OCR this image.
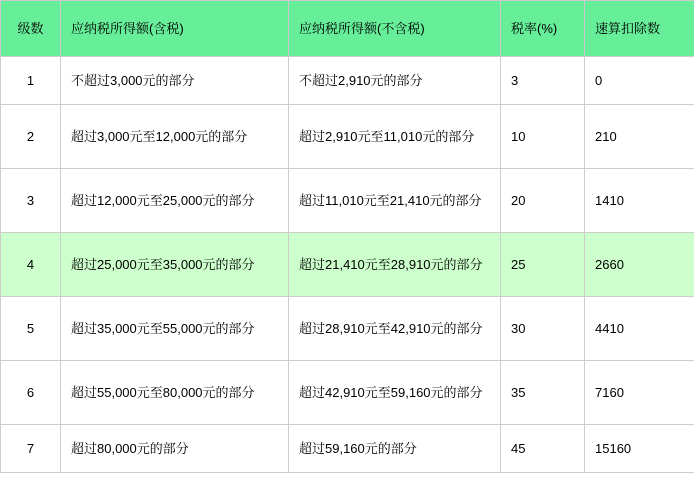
级数	应纳税所得额(含税)	应纳税所得额(不含税)	税率(%)	速算扣除数
1	不超过3,000元的部分	不超过2,910元的部分	3	0
2	超过3,000元至12,000元的部分	超过2,910元至11,010元的部分	10	210
3	超过12,000元至25,000元的部分	超过11,010元至21,410元的部分	20	1410
4	超过25,000元至35,000元的部分	超过21,410元至28,910元的部分	25	2660
5	超过35,000元至55,000元的部分	超过28,910元至42,910元的部分	30	4410
6	超过55,000元至80,000元的部分	超过42,910元至59,160元的部分	35	7160
7	超过80,000元的部分	超过59,160元的部分	45	15160
